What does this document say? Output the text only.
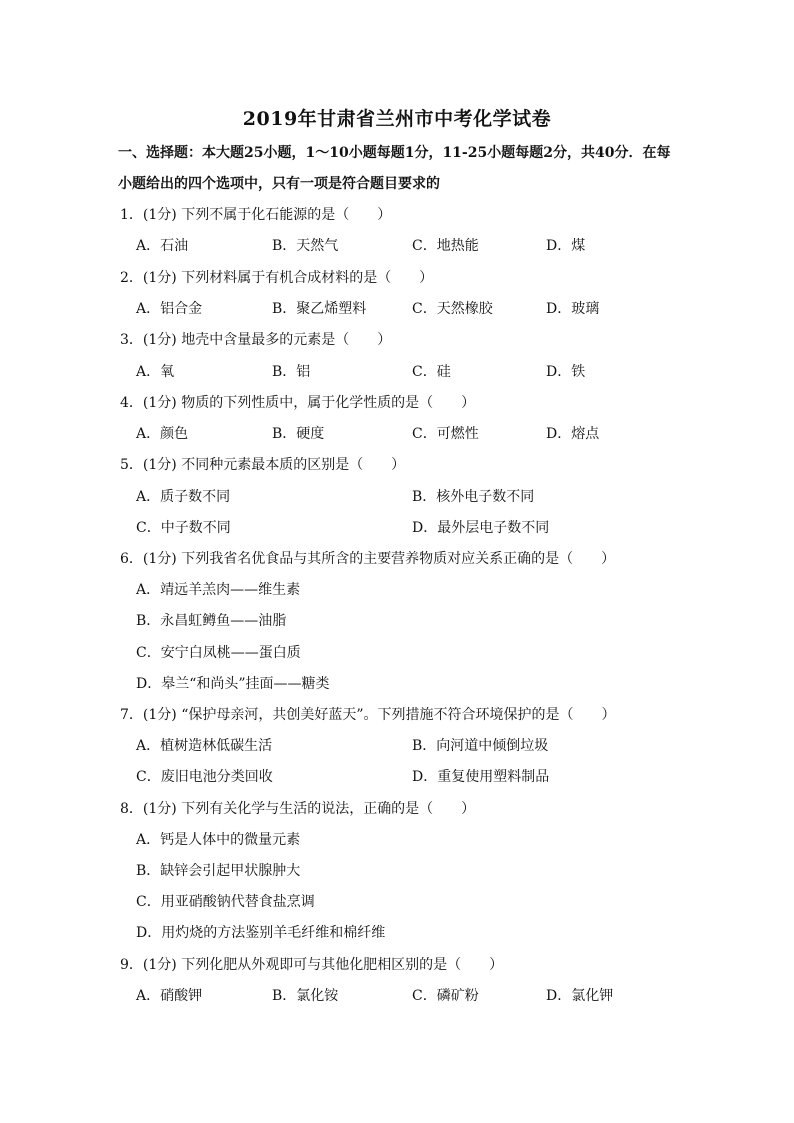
2019年甘肃省兰州市中考化学试卷
一、选择题：本大题25小题，1～10小题每题1分，11-25小题每题2分，共40分．在每
小题给出的四个选项中，只有一项是符合题目要求的
1．(1分) 下列不属于化石能源的是（　　）
A．石油	B．天然气	C．地热能	D．煤
2．(1分) 下列材料属于有机合成材料的是（　　）
A．铝合金	B．聚乙烯塑料	C．天然橡胶	D．玻璃
3．(1分) 地壳中含量最多的元素是（　　）
A．氧	B．铝	C．硅	D．铁
4．(1分) 物质的下列性质中，属于化学性质的是（　　）
A．颜色	B．硬度	C．可燃性	D．熔点
5．(1分) 不同种元素最本质的区别是（　　）
A．质子数不同	B．核外电子数不同
C．中子数不同	D．最外层电子数不同
6．(1分) 下列我省名优食品与其所含的主要营养物质对应关系正确的是（　　）
A．靖远羊羔肉——维生素
B．永昌虹鳟鱼——油脂
C．安宁白凤桃——蛋白质
D．皋兰“和尚头”挂面——糖类
7．(1分) “保护母亲河，共创美好蓝天”。下列措施不符合环境保护的是（　　）
A．植树造林低碳生活	B．向河道中倾倒垃圾
C．废旧电池分类回收	D．重复使用塑料制品
8．(1分) 下列有关化学与生活的说法，正确的是（　　）
A．钙是人体中的微量元素
B．缺锌会引起甲状腺肿大
C．用亚硝酸钠代替食盐烹调
D．用灼烧的方法鉴别羊毛纤维和棉纤维
9．(1分) 下列化肥从外观即可与其他化肥相区别的是（　　）
A．硝酸钾	B．氯化铵	C．磷矿粉	D．氯化钾
